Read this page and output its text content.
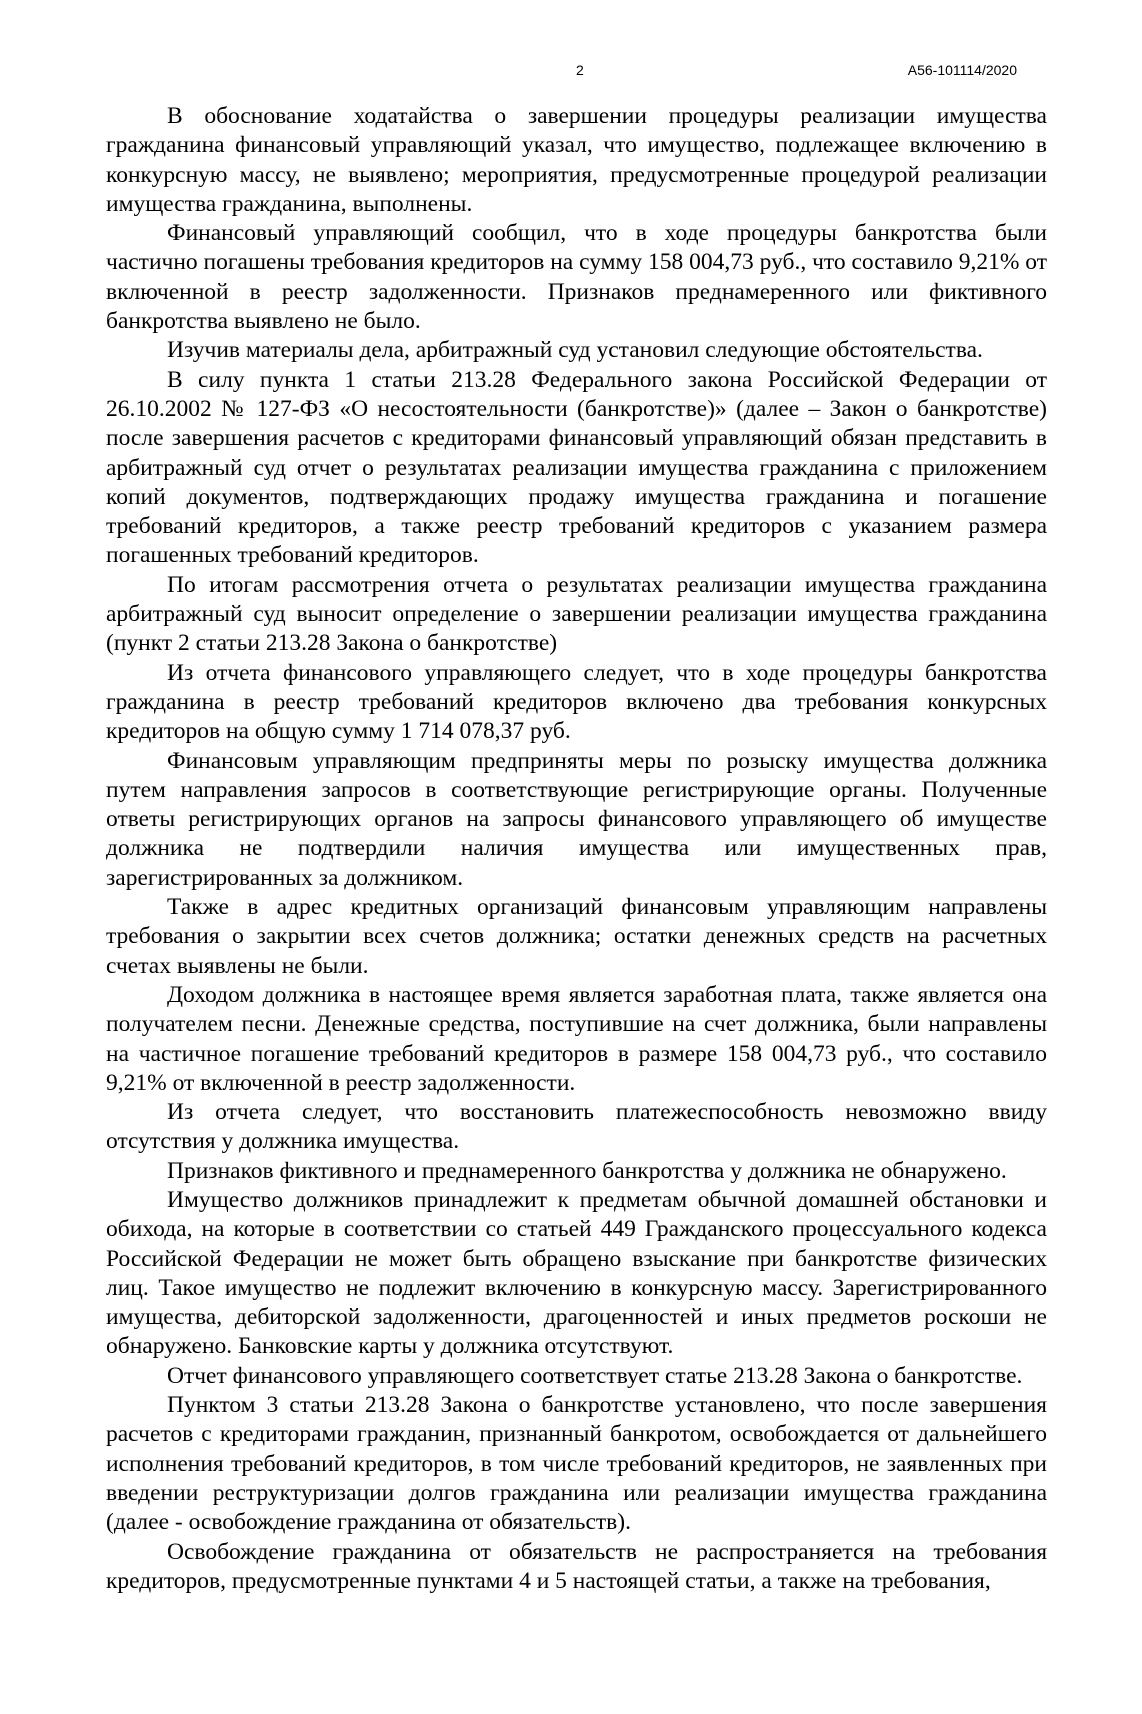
2	А56-101114/2020

В обоснование ходатайства о завершении процедуры реализации имущества гражданина финансовый управляющий указал, что имущество, подлежащее включению в конкурсную массу, не выявлено; мероприятия, предусмотренные процедурой реализации имущества гражданина, выполнены.

Финансовый управляющий сообщил, что в ходе процедуры банкротства были частично погашены требования кредиторов на сумму 158 004,73 руб., что составило 9,21% от включенной в реестр задолженности. Признаков преднамеренного или фиктивного банкротства выявлено не было.

Изучив материалы дела, арбитражный суд установил следующие обстоятельства.

В силу пункта 1 статьи 213.28 Федерального закона Российской Федерации от 26.10.2002 № 127-ФЗ «О несостоятельности (банкротстве)» (далее – Закон о банкротстве) после завершения расчетов с кредиторами финансовый управляющий обязан представить в арбитражный суд отчет о результатах реализации имущества гражданина с приложением копий документов, подтверждающих продажу имущества гражданина и погашение требований кредиторов, а также реестр требований кредиторов с указанием размера погашенных требований кредиторов.

По итогам рассмотрения отчета о результатах реализации имущества гражданина арбитражный суд выносит определение о завершении реализации имущества гражданина (пункт 2 статьи 213.28 Закона о банкротстве)

Из отчета финансового управляющего следует, что в ходе процедуры банкротства гражданина в реестр требований кредиторов включено два требования конкурсных кредиторов на общую сумму 1 714 078,37 руб.

Финансовым управляющим предприняты меры по розыску имущества должника путем направления запросов в соответствующие регистрирующие органы. Полученные ответы регистрирующих органов на запросы финансового управляющего об имуществе должника не подтвердили наличия имущества или имущественных прав, зарегистрированных за должником.

Также в адрес кредитных организаций финансовым управляющим направлены требования о закрытии всех счетов должника; остатки денежных средств на расчетных счетах выявлены не были.

Доходом должника в настоящее время является заработная плата, также является она получателем песни. Денежные средства, поступившие на счет должника, были направлены на частичное погашение требований кредиторов в размере 158 004,73 руб., что составило 9,21% от включенной в реестр задолженности.

Из отчета следует, что восстановить платежеспособность невозможно ввиду отсутствия у должника имущества.

Признаков фиктивного и преднамеренного банкротства у должника не обнаружено.

Имущество должников принадлежит к предметам обычной домашней обстановки и обихода, на которые в соответствии со статьей 449 Гражданского процессуального кодекса Российской Федерации не может быть обращено взыскание при банкротстве физических лиц. Такое имущество не подлежит включению в конкурсную массу. Зарегистрированного имущества, дебиторской задолженности, драгоценностей и иных предметов роскоши не обнаружено. Банковские карты у должника отсутствуют.

Отчет финансового управляющего соответствует статье 213.28 Закона о банкротстве.

Пунктом 3 статьи 213.28 Закона о банкротстве установлено, что после завершения расчетов с кредиторами гражданин, признанный банкротом, освобождается от дальнейшего исполнения требований кредиторов, в том числе требований кредиторов, не заявленных при введении реструктуризации долгов гражданина или реализации имущества гражданина (далее - освобождение гражданина от обязательств).

Освобождение гражданина от обязательств не распространяется на требования кредиторов, предусмотренные пунктами 4 и 5 настоящей статьи, а также на требования,
